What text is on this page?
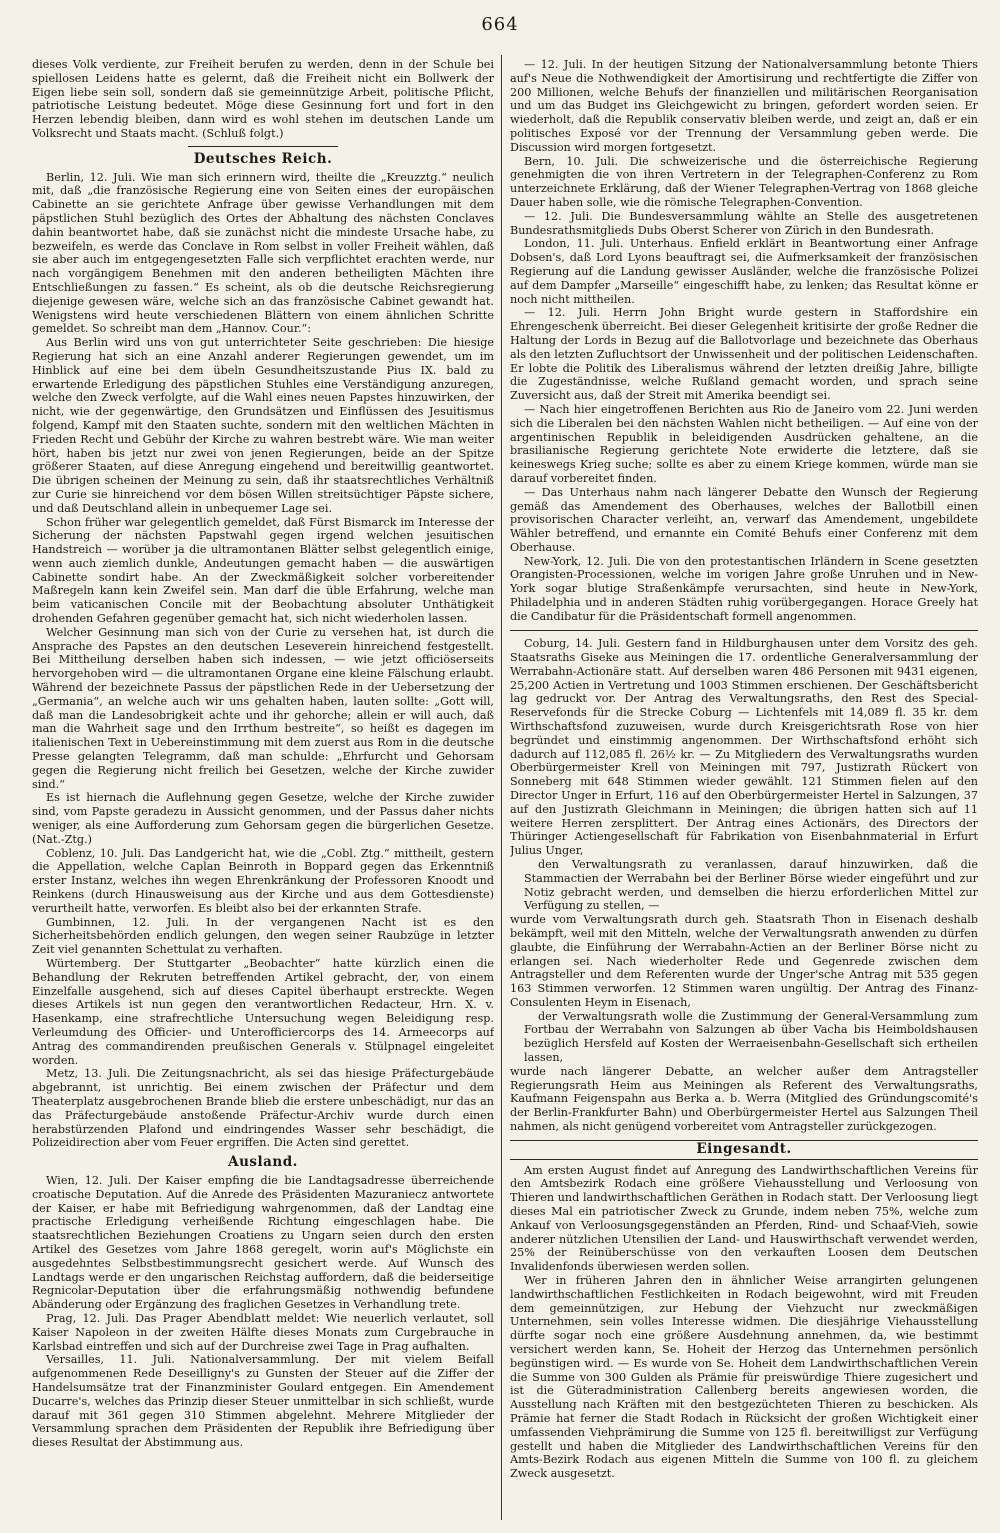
664

dieses Volk verdiente, zur Freiheit berufen zu werden, denn in der Schule bei spiellosen Leidens hatte es gelernt, daß die Freiheit nicht ein Bollwerk der Eigen liebe sein soll, sondern daß sie gemeinnützige Arbeit, politische Pflicht, patriotische Leistung bedeutet. Möge diese Gesinnung fort und fort in den Herzen lebendig bleiben, dann wird es wohl stehen im deutschen Lande um Volksrecht und Staats macht. (Schluß folgt.)

Deutsches Reich.

Berlin, 12. Juli. Wie man sich erinnern wird, theilte die „Kreuzztg.“ neulich mit, daß „die französische Regierung eine von Seiten eines der europäischen Cabinette an sie gerichtete Anfrage über gewisse Verhandlungen mit dem päpstlichen Stuhl bezüglich des Ortes der Abhaltung des nächsten Conclaves dahin beantwortet habe, daß sie zunächst nicht die mindeste Ursache habe, zu bezweifeln, es werde das Conclave in Rom selbst in voller Freiheit wählen, daß sie aber auch im entgegengesetzten Falle sich verpflichtet erachten werde, nur nach vorgängigem Benehmen mit den anderen betheiligten Mächten ihre Entschließungen zu fassen.“ Es scheint, als ob die deutsche Reichsregierung diejenige gewesen wäre, welche sich an das französische Cabinet gewandt hat. Wenigstens wird heute verschiedenen Blättern von einem ähnlichen Schritte gemeldet. So schreibt man dem „Hannov. Cour.“:

Aus Berlin wird uns von gut unterrichteter Seite geschrieben: Die hiesige Regierung hat sich an eine Anzahl anderer Regierungen gewendet, um im Hinblick auf eine bei dem übeln Gesundheitszustande Pius IX. bald zu erwartende Erledigung des päpstlichen Stuhles eine Verständigung anzuregen, welche den Zweck verfolgte, auf die Wahl eines neuen Papstes hinzuwirken, der nicht, wie der gegenwärtige, den Grundsätzen und Einflüssen des Jesuitismus folgend, Kampf mit den Staaten suchte, sondern mit den weltlichen Mächten in Frieden Recht und Gebühr der Kirche zu wahren bestrebt wäre. Wie man weiter hört, haben bis jetzt nur zwei von jenen Regierungen, beide an der Spitze größerer Staaten, auf diese Anregung eingehend und bereitwillig geantwortet. Die übrigen scheinen der Meinung zu sein, daß ihr staatsrechtliches Verhältniß zur Curie sie hinreichend vor dem bösen Willen streitsüchtiger Päpste sichere, und daß Deutschland allein in unbequemer Lage sei.

Schon früher war gelegentlich gemeldet, daß Fürst Bismarck im Interesse der Sicherung der nächsten Papstwahl gegen irgend welchen jesuitischen Handstreich — worüber ja die ultramontanen Blätter selbst gelegentlich einige, wenn auch ziemlich dunkle, Andeutungen gemacht haben — die auswärtigen Cabinette sondirt habe. An der Zweckmäßigkeit solcher vorbereitender Maßregeln kann kein Zweifel sein. Man darf die üble Erfahrung, welche man beim vaticanischen Concile mit der Beobachtung absoluter Unthätigkeit drohenden Gefahren gegenüber gemacht hat, sich nicht wiederholen lassen.

Welcher Gesinnung man sich von der Curie zu versehen hat, ist durch die Ansprache des Papstes an den deutschen Leseverein hinreichend festgestellt. Bei Mittheilung derselben haben sich indessen, — wie jetzt officiöserseits hervorgehoben wird — die ultramontanen Organe eine kleine Fälschung erlaubt. Während der bezeichnete Passus der päpstlichen Rede in der Uebersetzung der „Germania“, an welche auch wir uns gehalten haben, lauten sollte: „Gott will, daß man die Landesobrigkeit achte und ihr gehorche; allein er will auch, daß man die Wahrheit sage und den Irrthum bestreite“, so heißt es dagegen im italienischen Text in Uebereinstimmung mit dem zuerst aus Rom in die deutsche Presse gelangten Telegramm, daß man schulde: „Ehrfurcht und Gehorsam gegen die Regierung nicht freilich bei Gesetzen, welche der Kirche zuwider sind.“

Es ist hiernach die Auflehnung gegen Gesetze, welche der Kirche zuwider sind, vom Papste geradezu in Aussicht genommen, und der Passus daher nichts weniger, als eine Aufforderung zum Gehorsam gegen die bürgerlichen Gesetze. (Nat.-Ztg.)

Coblenz, 10. Juli. Das Landgericht hat, wie die „Cobl. Ztg.“ mittheilt, gestern die Appellation, welche Caplan Beinroth in Boppard gegen das Erkenntniß erster Instanz, welches ihn wegen Ehrenkränkung der Professoren Knoodt und Reinkens (durch Hinausweisung aus der Kirche und aus dem Gottesdienste) verurtheilt hatte, verworfen. Es bleibt also bei der erkannten Strafe.

Gumbinnen, 12. Juli. In der vergangenen Nacht ist es den Sicherheitsbehörden endlich gelungen, den wegen seiner Raubzüge in letzter Zeit viel genannten Schettulat zu verhaften.

Würtemberg. Der Stuttgarter „Beobachter“ hatte kürzlich einen die Behandlung der Rekruten betreffenden Artikel gebracht, der, von einem Einzelfalle ausgehend, sich auf dieses Capitel überhaupt erstreckte. Wegen dieses Artikels ist nun gegen den verantwortlichen Redacteur, Hrn. X. v. Hasenkamp, eine strafrechtliche Untersuchung wegen Beleidigung resp. Verleumdung des Officier- und Unterofficiercorps des 14. Armeecorps auf Antrag des commandirenden preußischen Generals v. Stülpnagel eingeleitet worden.

Metz, 13. Juli. Die Zeitungsnachricht, als sei das hiesige Präfecturgebäude abgebrannt, ist unrichtig. Bei einem zwischen der Präfectur und dem Theaterplatz ausgebrochenen Brande blieb die erstere unbeschädigt, nur das an das Präfecturgebäude anstoßende Präfectur-Archiv wurde durch einen herabstürzenden Plafond und eindringendes Wasser sehr beschädigt, die Polizeidirection aber vom Feuer ergriffen. Die Acten sind gerettet.

Ausland.

Wien, 12. Juli. Der Kaiser empfing die bie Landtagsadresse überreichende croatische Deputation. Auf die Anrede des Präsidenten Mazuraniecz antwortete der Kaiser, er habe mit Befriedigung wahrgenommen, daß der Landtag eine practische Erledigung verheißende Richtung eingeschlagen habe. Die staatsrechtlichen Beziehungen Croatiens zu Ungarn seien durch den ersten Artikel des Gesetzes vom Jahre 1868 geregelt, worin auf's Möglichste ein ausgedehntes Selbstbestimmungsrecht gesichert werde. Auf Wunsch des Landtags werde er den ungarischen Reichstag auffordern, daß die beiderseitige Regnicolar-Deputation über die erfahrungsmäßig nothwendig befundene Abänderung oder Ergänzung des fraglichen Gesetzes in Verhandlung trete.

Prag, 12. Juli. Das Prager Abendblatt meldet: Wie neuerlich verlautet, soll Kaiser Napoleon in der zweiten Hälfte dieses Monats zum Curgebrauche in Karlsbad eintreffen und sich auf der Durchreise zwei Tage in Prag aufhalten.

Versailles, 11. Juli. Nationalversammlung. Der mit vielem Beifall aufgenommenen Rede Deseilligny's zu Gunsten der Steuer auf die Ziffer der Handelsumsätze trat der Finanzminister Goulard entgegen. Ein Amendement Ducarre's, welches das Prinzip dieser Steuer unmittelbar in sich schließt, wurde darauf mit 361 gegen 310 Stimmen abgelehnt. Mehrere Mitglieder der Versammlung sprachen dem Präsidenten der Republik ihre Befriedigung über dieses Resultat der Abstimmung aus.

— 12. Juli. In der heutigen Sitzung der Nationalversammlung betonte Thiers auf's Neue die Nothwendigkeit der Amortisirung und rechtfertigte die Ziffer von 200 Millionen, welche Behufs der finanziellen und militärischen Reorganisation und um das Budget ins Gleichgewicht zu bringen, gefordert worden seien. Er wiederholt, daß die Republik conservativ bleiben werde, und zeigt an, daß er ein politisches Exposé vor der Trennung der Versammlung geben werde. Die Discussion wird morgen fortgesetzt.

Bern, 10. Juli. Die schweizerische und die österreichische Regierung genehmigten die von ihren Vertretern in der Telegraphen-Conferenz zu Rom unterzeichnete Erklärung, daß der Wiener Telegraphen-Vertrag von 1868 gleiche Dauer haben solle, wie die römische Telegraphen-Convention.

— 12. Juli. Die Bundesversammlung wählte an Stelle des ausgetretenen Bundesrathsmitglieds Dubs Oberst Scherer von Zürich in den Bundesrath.

London, 11. Juli. Unterhaus. Enfield erklärt in Beantwortung einer Anfrage Dobsen's, daß Lord Lyons beauftragt sei, die Aufmerksamkeit der französischen Regierung auf die Landung gewisser Ausländer, welche die französische Polizei auf dem Dampfer „Marseille“ eingeschifft habe, zu lenken; das Resultat könne er noch nicht mittheilen.

— 12. Juli. Herrn John Bright wurde gestern in Staffordshire ein Ehrengeschenk überreicht. Bei dieser Gelegenheit kritisirte der große Redner die Haltung der Lords in Bezug auf die Ballotvorlage und bezeichnete das Oberhaus als den letzten Zufluchtsort der Unwissenheit und der politischen Leidenschaften. Er lobte die Politik des Liberalismus während der letzten dreißig Jahre, billigte die Zugeständnisse, welche Rußland gemacht worden, und sprach seine Zuversicht aus, daß der Streit mit Amerika beendigt sei.

— Nach hier eingetroffenen Berichten aus Rio de Janeiro vom 22. Juni werden sich die Liberalen bei den nächsten Wahlen nicht betheiligen. — Auf eine von der argentinischen Republik in beleidigenden Ausdrücken gehaltene, an die brasilianische Regierung gerichtete Note erwiderte die letztere, daß sie keineswegs Krieg suche; sollte es aber zu einem Kriege kommen, würde man sie darauf vorbereitet finden.

— Das Unterhaus nahm nach längerer Debatte den Wunsch der Regierung gemäß das Amendement des Oberhauses, welches der Ballotbill einen provisorischen Character verleiht, an, verwarf das Amendement, ungebildete Wähler betreffend, und ernannte ein Comité Behufs einer Conferenz mit dem Oberhause.

New-York, 12. Juli. Die von den protestantischen Irländern in Scene gesetzten Orangisten-Processionen, welche im vorigen Jahre große Unruhen und in New-York sogar blutige Straßenkämpfe verursachten, sind heute in New-York, Philadelphia und in anderen Städten ruhig vorübergegangen. Horace Greely hat die Candibatur für die Präsidentschaft formell angenommen.

Coburg, 14. Juli. Gestern fand in Hildburghausen unter dem Vorsitz des geh. Staatsraths Giseke aus Meiningen die 17. ordentliche Generalversammlung der Werrabahn-Actionäre statt. Auf derselben waren 486 Personen mit 9431 eigenen, 25,200 Actien in Vertretung und 1003 Stimmen erschienen. Der Geschäftsbericht lag gedruckt vor. Der Antrag des Verwaltungsraths, den Rest des Special-Reservefonds für die Strecke Coburg — Lichtenfels mit 14,089 fl. 35 kr. dem Wirthschaftsfond zuzuweisen, wurde durch Kreisgerichtsrath Rose von hier begründet und einstimmig angenommen. Der Wirthschaftsfond erhöht sich dadurch auf 112,085 fl. 26½ kr. — Zu Mitgliedern des Verwaltungsraths wurden Oberbürgermeister Krell von Meiningen mit 797, Justizrath Rückert von Sonneberg mit 648 Stimmen wieder gewählt. 121 Stimmen fielen auf den Director Unger in Erfurt, 116 auf den Oberbürgermeister Hertel in Salzungen, 37 auf den Justizrath Gleichmann in Meiningen; die übrigen hatten sich auf 11 weitere Herren zersplittert. Der Antrag eines Actionärs, des Directors der Thüringer Actiengesellschaft für Fabrikation von Eisenbahnmaterial in Erfurt Julius Unger,

den Verwaltungsrath zu veranlassen, darauf hinzuwirken, daß die Stammactien der Werrabahn bei der Berliner Börse wieder eingeführt und zur Notiz gebracht werden, und demselben die hierzu erforderlichen Mittel zur Verfügung zu stellen, —

wurde vom Verwaltungsrath durch geh. Staatsrath Thon in Eisenach deshalb bekämpft, weil mit den Mitteln, welche der Verwaltungsrath anwenden zu dürfen glaubte, die Einführung der Werrabahn-Actien an der Berliner Börse nicht zu erlangen sei. Nach wiederholter Rede und Gegenrede zwischen dem Antragsteller und dem Referenten wurde der Unger'sche Antrag mit 535 gegen 163 Stimmen verworfen. 12 Stimmen waren ungültig. Der Antrag des Finanz-Consulenten Heym in Eisenach,

der Verwaltungsrath wolle die Zustimmung der General-Versammlung zum Fortbau der Werrabahn von Salzungen ab über Vacha bis Heimboldshausen bezüglich Hersfeld auf Kosten der Werraeisenbahn-Gesellschaft sich ertheilen lassen,

wurde nach längerer Debatte, an welcher außer dem Antragsteller Regierungsrath Heim aus Meiningen als Referent des Verwaltungsraths, Kaufmann Feigenspahn aus Berka a. b. Werra (Mitglied des Gründungscomité's der Berlin-Frankfurter Bahn) und Oberbürgermeister Hertel aus Salzungen Theil nahmen, als nicht genügend vorbereitet vom Antragsteller zurückgezogen.

Eingesandt.

Am ersten August findet auf Anregung des Landwirthschaftlichen Vereins für den Amtsbezirk Rodach eine größere Viehausstellung und Verloosung von Thieren und landwirthschaftlichen Geräthen in Rodach statt. Der Verloosung liegt dieses Mal ein patriotischer Zweck zu Grunde, indem neben 75%, welche zum Ankauf von Verloosungsgegenständen an Pferden, Rind- und Schaaf-Vieh, sowie anderer nützlichen Utensilien der Land- und Hauswirthschaft verwendet werden, 25% der Reinüberschüsse von den verkauften Loosen dem Deutschen Invalidenfonds überwiesen werden sollen.

Wer in früheren Jahren den in ähnlicher Weise arrangirten gelungenen landwirthschaftlichen Festlichkeiten in Rodach beigewohnt, wird mit Freuden dem gemeinnützigen, zur Hebung der Viehzucht nur zweckmäßigen Unternehmen, sein volles Interesse widmen. Die diesjährige Viehausstellung dürfte sogar noch eine größere Ausdehnung annehmen, da, wie bestimmt versichert werden kann, Se. Hoheit der Herzog das Unternehmen persönlich begünstigen wird. — Es wurde von Se. Hoheit dem Landwirthschaftlichen Verein die Summe von 300 Gulden als Prämie für preiswürdige Thiere zugesichert und ist die Güteradministration Callenberg bereits angewiesen worden, die Ausstellung nach Kräften mit den bestgezüchteten Thieren zu beschicken. Als Prämie hat ferner die Stadt Rodach in Rücksicht der großen Wichtigkeit einer umfassenden Viehprämirung die Summe von 125 fl. bereitwilligst zur Verfügung gestellt und haben die Mitglieder des Landwirthschaftlichen Vereins für den Amts-Bezirk Rodach aus eigenen Mitteln die Summe von 100 fl. zu gleichem Zweck ausgesetzt.
